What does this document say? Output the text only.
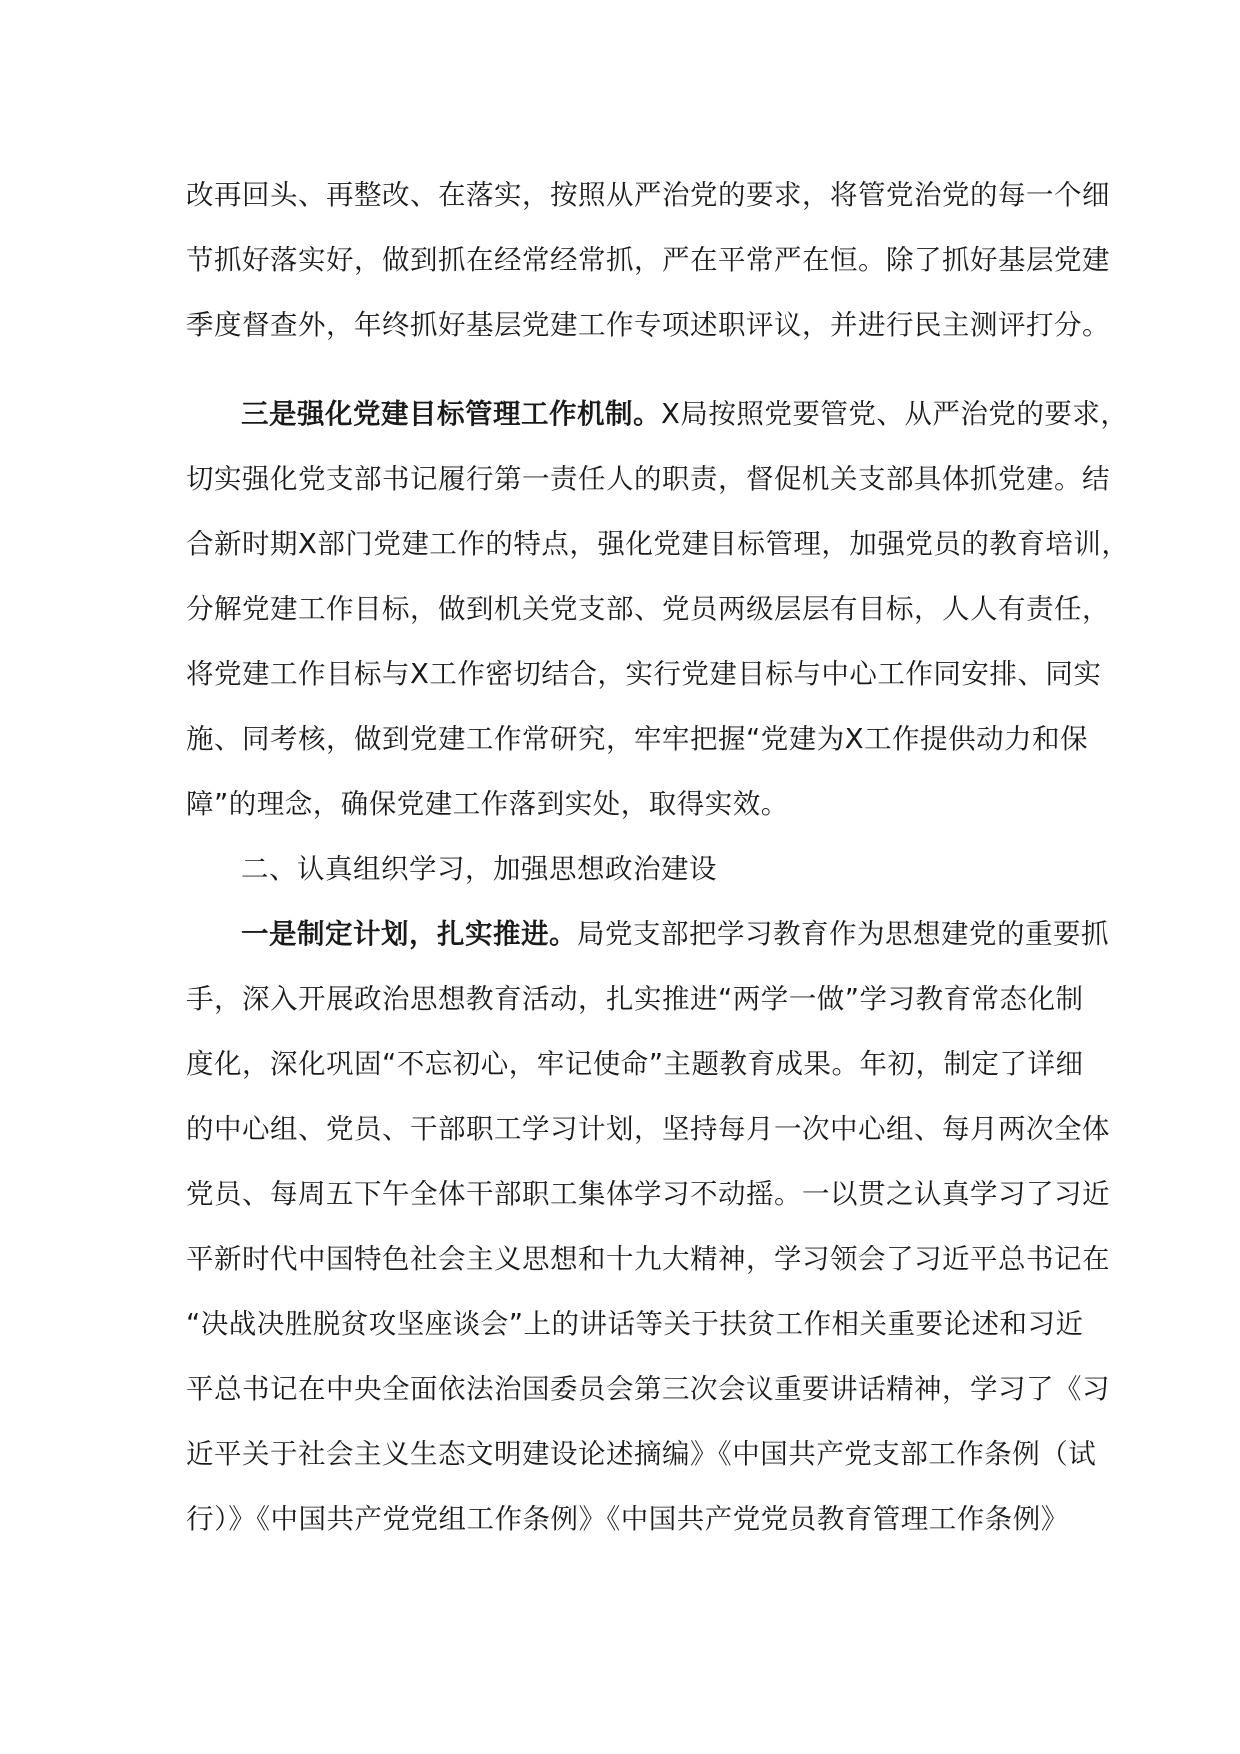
改再回头、再整改、在落实，按照从严治党的要求，将管党治党的每一个细
节抓好落实好，做到抓在经常经常抓，严在平常严在恒。除了抓好基层党建
季度督查外，年终抓好基层党建工作专项述职评议，并进行民主测评打分。
三是强化党建目标管理工作机制。X局按照党要管党、从严治党的要求，
切实强化党支部书记履行第一责任人的职责，督促机关支部具体抓党建。结
合新时期X部门党建工作的特点，强化党建目标管理，加强党员的教育培训，
分解党建工作目标，做到机关党支部、党员两级层层有目标，人人有责任，
将党建工作目标与X工作密切结合，实行党建目标与中心工作同安排、同实
施、同考核，做到党建工作常研究，牢牢把握“党建为X工作提供动力和保
障”的理念，确保党建工作落到实处，取得实效。
二、认真组织学习，加强思想政治建设
一是制定计划，扎实推进。局党支部把学习教育作为思想建党的重要抓
手，深入开展政治思想教育活动，扎实推进“两学一做”学习教育常态化制
度化，深化巩固“不忘初心，牢记使命”主题教育成果。年初，制定了详细
的中心组、党员、干部职工学习计划，坚持每月一次中心组、每月两次全体
党员、每周五下午全体干部职工集体学习不动摇。一以贯之认真学习了习近
平新时代中国特色社会主义思想和十九大精神，学习领会了习近平总书记在
“决战决胜脱贫攻坚座谈会”上的讲话等关于扶贫工作相关重要论述和习近
平总书记在中央全面依法治国委员会第三次会议重要讲话精神，学习了《习
近平关于社会主义生态文明建设论述摘编》《中国共产党支部工作条例（试
行）》《中国共产党党组工作条例》《中国共产党党员教育管理工作条例》
